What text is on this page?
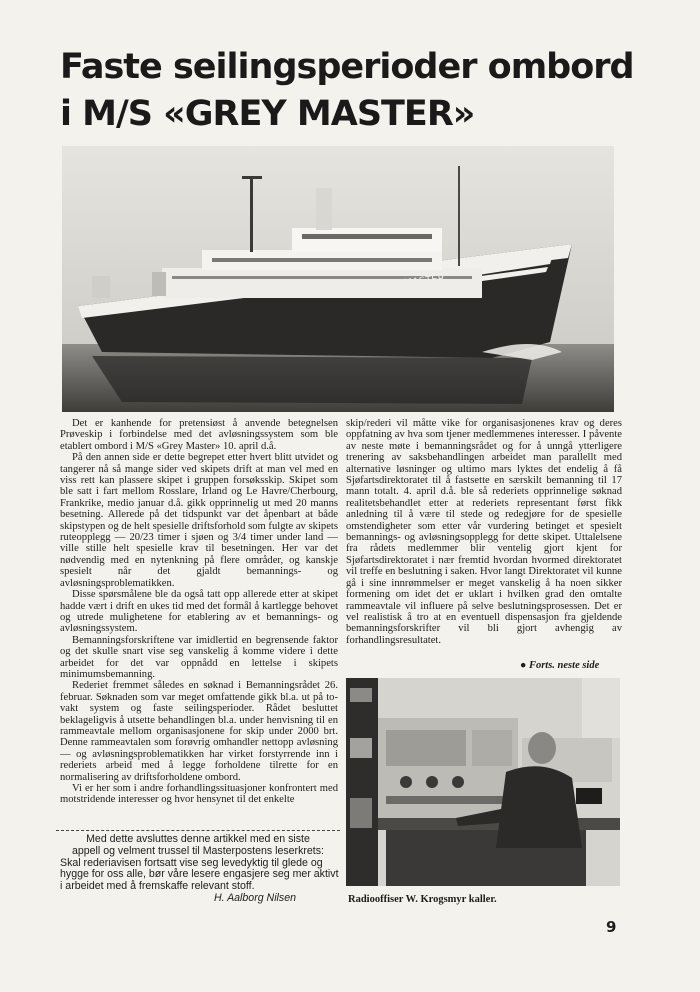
Faste seilingsperioder ombord
i M/S «GREY MASTER»
GREY MASTER

Det er kanhende for pretensiøst å anvende betegnelsen Prøveskip i forbindelse med det avløsningssystem som ble etablert ombord i M/S «Grey Master» 10. april d.å.

På den annen side er dette begrepet etter hvert blitt utvidet og tangerer nå så mange sider ved skipets drift at man vel med en viss rett kan plassere skipet i gruppen forsøksskip. Skipet som ble satt i fart mellom Rosslare, Irland og Le Havre/Cherbourg, Frankrike, medio januar d.å. gikk opprinnelig ut med 20 manns besetning. Allerede på det tidspunkt var det åpenbart at både skipstypen og de helt spesielle driftsforhold som fulgte av skipets ruteopplegg — 20/23 timer i sjøen og 3/4 timer under land — ville stille helt spesielle krav til besetningen. Her var det nødvendig med en nytenkning på flere områder, og kanskje spesielt når det gjaldt bemannings- og avløsningsproblematikken.

Disse spørsmålene ble da også tatt opp allerede etter at skipet hadde vært i drift en ukes tid med det formål å kartlegge behovet og utrede mulighetene for etablering av et bemannings- og avløsningssystem.

Bemanningsforskriftene var imidlertid en begrensende faktor og det skulle snart vise seg vanskelig å komme videre i dette arbeidet for det var oppnådd en lettelse i skipets minimumsbemanning.

Rederiet fremmet således en søknad i Bemanningsrådet 26. februar. Søknaden som var meget omfattende gikk bl.a. ut på to-vakt system og faste seilingsperioder. Rådet besluttet beklageligvis å utsette behandlingen bl.a. under henvisning til en rammeavtale mellom organisasjonene for skip under 2000 brt. Denne rammeavtalen som forøvrig omhandler nettopp avløsning — og avløsningsproblematikken har virket forstyrrende inn i rederiets arbeid med å legge forholdene tilrette for en normalisering av driftsforholdene ombord.

Vi er her som i andre forhandlingssituasjoner konfrontert med motstridende interesser og hvor hensynet til det enkelte

skip/rederi vil måtte vike for organisasjonenes krav og deres oppfatning av hva som tjener medlemmenes interesser. I påvente av neste møte i bemanningsrådet og for å unngå ytterligere trenering av saksbehandlingen arbeidet man parallellt med alternative løsninger og ultimo mars lyktes det endelig å få Sjøfartsdirektoratet til å fastsette en særskilt bemanning til 17 mann totalt. 4. april d.å. ble så rederiets opprinnelige søknad realitetsbehandlet etter at rederiets representant først fikk anledning til å være til stede og redegjøre for de spesielle omstendigheter som etter vår vurdering betinget et spesielt bemannings- og avløsningsopplegg for dette skipet. Uttalelsene fra rådets medlemmer blir ventelig gjort kjent for Sjøfartsdirektoratet i nær fremtid hvordan hvormed direktoratet vil treffe en beslutning i saken. Hvor langt Direktoratet vil kunne gå i sine innrømmelser er meget vanskelig å ha noen sikker formening om idet det er uklart i hvilken grad den omtalte rammeavtale vil influere på selve beslutningsprosessen. Det er vel realistisk å tro at en eventuell dispensasjon fra gjeldende bemanningsforskrifter vil bli gjort avhengig av forhandlingsresultatet.

● Forts. neste side
Med dette avsluttes denne artikkel med en siste
appell og velment trussel til Masterpostens leserkrets:
Skal rederiavisen fortsatt vise seg levedyktig til glede og hygge for oss alle, bør våre lesere engasjere seg mer aktivt i arbeidet med å fremskaffe relevant stoff.
H. Aalborg Nilsen	Radiooffiser W. Krogsmyr kaller.
9
